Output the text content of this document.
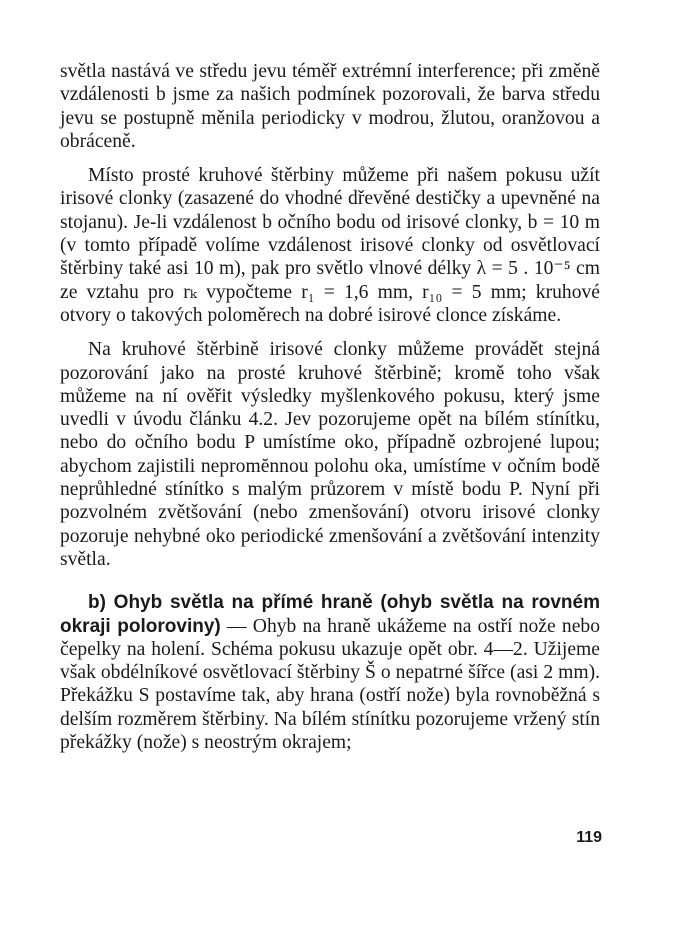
světla nastává ve středu jevu téměř extrémní interference; při změně vzdálenosti b jsme za našich podmínek pozorovali, že barva středu jevu se postupně měnila periodicky v modrou, žlutou, oranžovou a obráceně.

Místo prosté kruhové štěrbiny můžeme při našem pokusu užít irisové clonky (zasazené do vhodné dřevěné destičky a upevněné na stojanu). Je-li vzdálenost b očního bodu od irisové clonky, b = 10 m (v tomto případě volíme vzdálenost irisové clonky od osvětlovací štěrbiny také asi 10 m), pak pro světlo vlnové délky λ = 5 . 10⁻⁵ cm ze vztahu pro rₖ vypočteme r₁ = 1,6 mm, r₁₀ = 5 mm; kruhové otvory o takových poloměrech na dobré isirové clonce získáme.

Na kruhové štěrbině irisové clonky můžeme provádět stejná pozorování jako na prosté kruhové štěrbině; kromě toho však můžeme na ní ověřit výsledky myšlenkového pokusu, který jsme uvedli v úvodu článku 4.2. Jev pozorujeme opět na bílém stínítku, nebo do očního bodu P umístíme oko, případně ozbrojené lupou; abychom zajistili nepromĕnnou polohu oka, umístíme v očním bodě neprůhledné stínítko s malým průzorem v místě bodu P. Nyní při pozvolném zvětšování (nebo zmenšování) otvoru irisové clonky pozoruje nehybné oko periodické zmenšování a zvětšování intenzity světla.

b) Ohyb světla na přímé hraně (ohyb světla na rovném okraji poloroviny) — Ohyb na hraně ukážeme na ostří nože nebo čepelky na holení. Schéma pokusu ukazuje opět obr. 4—2. Užijeme však obdélníkové osvětlovací štěrbiny Š o nepatrné šířce (asi 2 mm). Překážku S postavíme tak, aby hrana (ostří nože) byla rovnoběžná s delším rozměrem štěrbiny. Na bílém stínítku pozorujeme vržený stín překážky (nože) s neostrým okrajem;

119
